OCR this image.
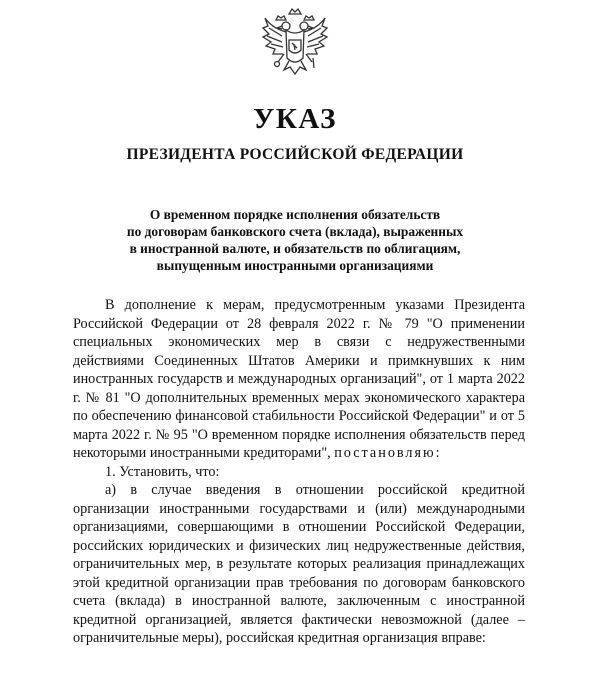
УКАЗ
ПРЕЗИДЕНТА РОССИЙСКОЙ ФЕДЕРАЦИИ
О временном порядке исполнения обязательств
по договорам банковского счета (вклада), выраженных
в иностранной валюте, и обязательств по облигациям,
выпущенным иностранными организациями

В дополнение к мерам, предусмотренным указами Президента Российской Федерации от 28 февраля 2022 г. № 79 "О применении специальных экономических мер в связи с недружественными действиями Соединенных Штатов Америки и примкнувших к ним иностранных государств и международных организаций", от 1 марта 2022 г. № 81 "О дополнительных временных мерах экономического характера по обеспечению финансовой стабильности Российской Федерации" и от 5 марта 2022 г. № 95 "О временном порядке исполнения обязательств перед некоторыми иностранными кредиторами", постановляю:

1. Установить, что:

а) в случае введения в отношении российской кредитной организации иностранными государствами и (или) международными организациями, совершающими в отношении Российской Федерации, российских юридических и физических лиц недружественные действия, ограничительных мер, в результате которых реализация принадлежащих этой кредитной организации прав требования по договорам банковского счета (вклада) в иностранной валюте, заключенным с иностранной кредитной организацией, является фактически невозможной (далее – ограничительные меры), российская кредитная организация вправе:
